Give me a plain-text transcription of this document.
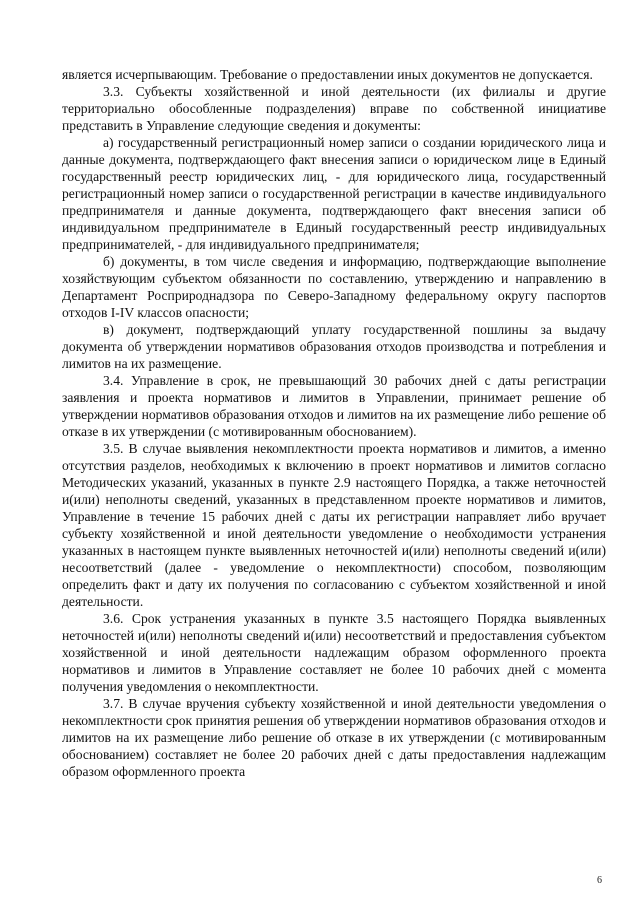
является исчерпывающим. Требование о предоставлении иных документов не допускается.

3.3. Субъекты хозяйственной и иной деятельности (их филиалы и другие территориально обособленные подразделения) вправе по собственной инициативе представить в Управление следующие сведения и документы:

а) государственный регистрационный номер записи о создании юридического лица и данные документа, подтверждающего факт внесения записи о юридическом лице в Единый государственный реестр юридических лиц, - для юридического лица, государственный регистрационный номер записи о государственной регистрации в качестве индивидуального предпринимателя и данные документа, подтверждающего факт внесения записи об индивидуальном предпринимателе в Единый государственный реестр индивидуальных предпринимателей, - для индивидуального предпринимателя;

б) документы, в том числе сведения и информацию, подтверждающие выполнение хозяйствующим субъектом обязанности по составлению, утверждению и направлению в Департамент Росприроднадзора по Северо-Западному федеральному округу паспортов отходов I-IV классов опасности;

в) документ, подтверждающий уплату государственной пошлины за выдачу документа об утверждении нормативов образования отходов производства и потребления и лимитов на их размещение.

3.4. Управление в срок, не превышающий 30 рабочих дней с даты регистрации заявления и проекта нормативов и лимитов в Управлении, принимает решение об утверждении нормативов образования отходов и лимитов на их размещение либо решение об отказе в их утверждении (с мотивированным обоснованием).

3.5. В случае выявления некомплектности проекта нормативов и лимитов, а именно отсутствия разделов, необходимых к включению в проект нормативов и лимитов согласно Методических указаний, указанных в пункте 2.9 настоящего Порядка, а также неточностей и(или) неполноты сведений, указанных в представленном проекте нормативов и лимитов, Управление в течение 15 рабочих дней с даты их регистрации направляет либо вручает субъекту хозяйственной и иной деятельности уведомление о необходимости устранения указанных в настоящем пункте выявленных неточностей и(или) неполноты сведений и(или) несоответствий (далее - уведомление о некомплектности) способом, позволяющим определить факт и дату их получения по согласованию с субъектом хозяйственной и иной деятельности.

3.6. Срок устранения указанных в пункте 3.5 настоящего Порядка выявленных неточностей и(или) неполноты сведений и(или) несоответствий и предоставления субъектом хозяйственной и иной деятельности надлежащим образом оформленного проекта нормативов и лимитов в Управление составляет не более 10 рабочих дней с момента получения уведомления о некомплектности.

3.7. В случае вручения субъекту хозяйственной и иной деятельности уведомления о некомплектности срок принятия решения об утверждении нормативов образования отходов и лимитов на их размещение либо решение об отказе в их утверждении (с мотивированным обоснованием) составляет не более 20 рабочих дней с даты предоставления надлежащим образом оформленного проекта

6
